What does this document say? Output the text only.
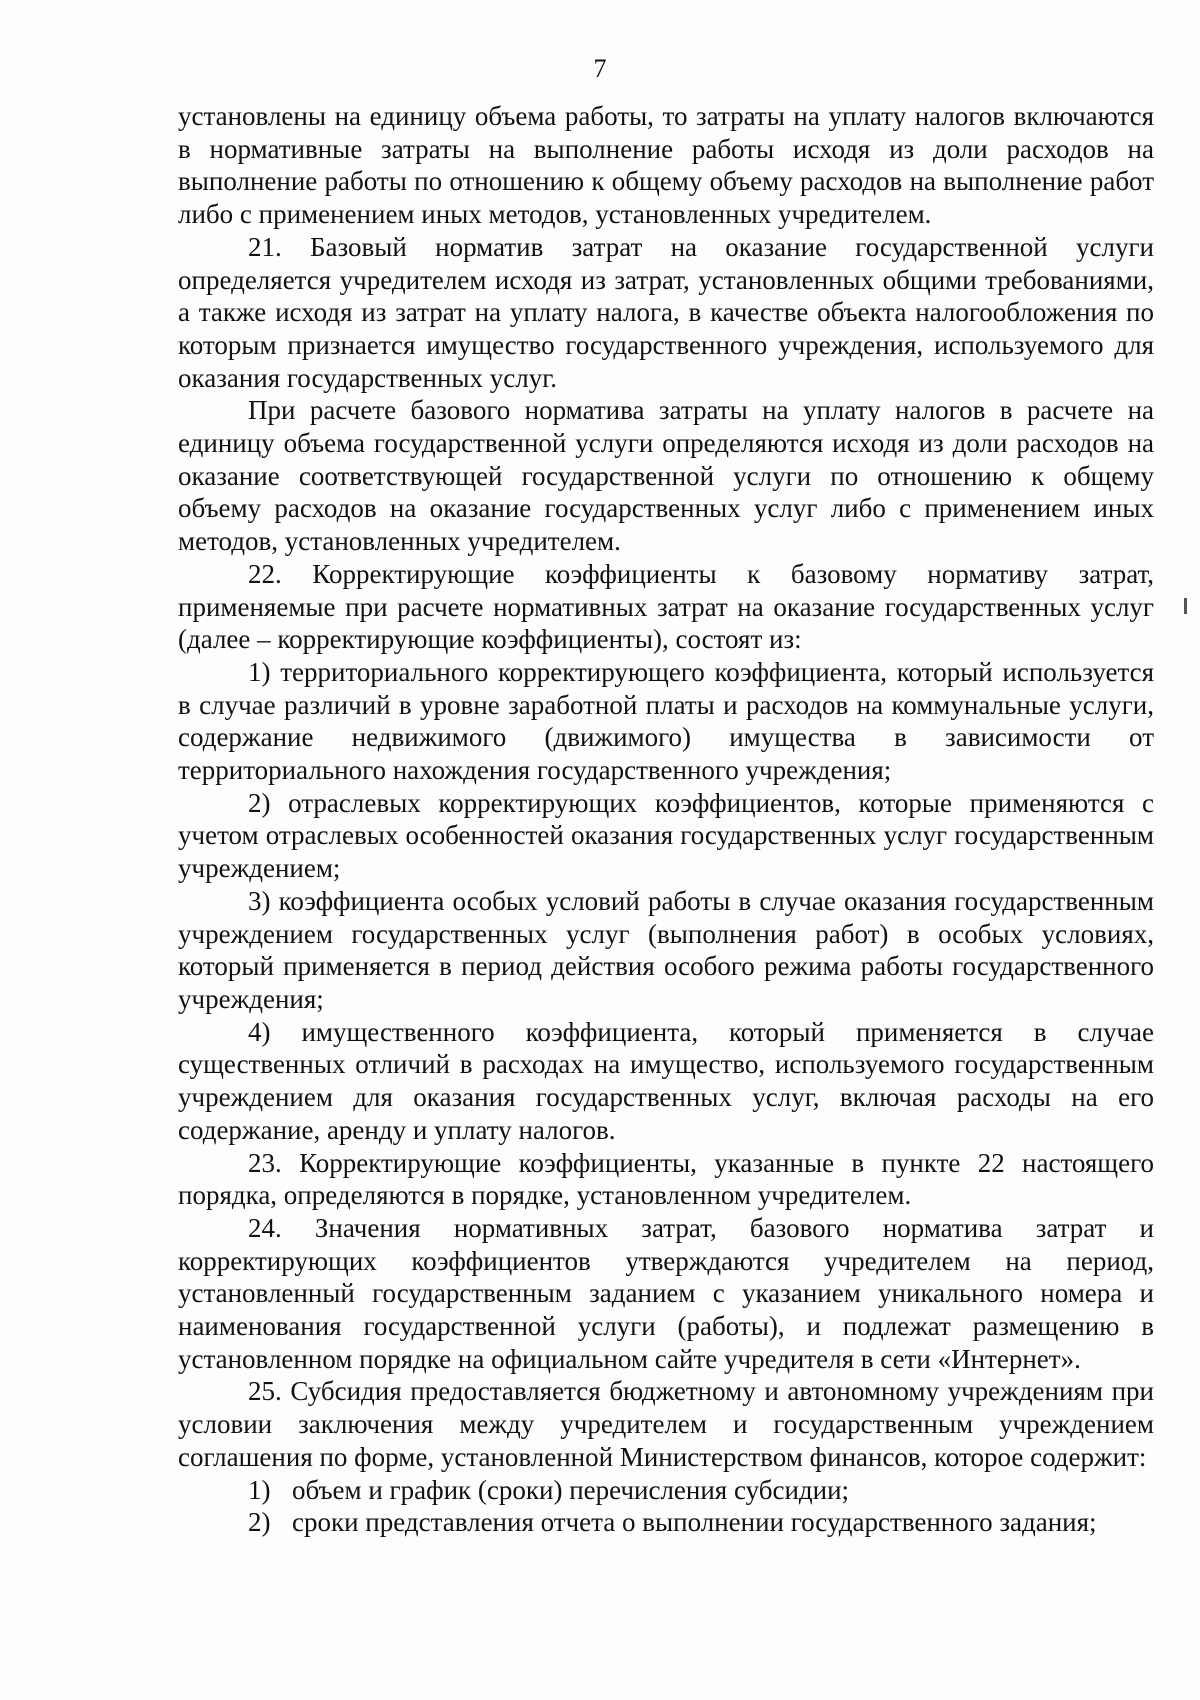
7

установлены на единицу объема работы, то затраты на уплату налогов включаются в нормативные затраты на выполнение работы исходя из доли расходов на выполнение работы по отношению к общему объему расходов на выполнение работ либо с применением иных методов, установленных учредителем.

21. Базовый норматив затрат на оказание государственной услуги определяется учредителем исходя из затрат, установленных общими требованиями, а также исходя из затрат на уплату налога, в качестве объекта налогообложения по которым признается имущество государственного учреждения, используемого для оказания государственных услуг.

При расчете базового норматива затраты на уплату налогов в расчете на единицу объема государственной услуги определяются исходя из доли расходов на оказание соответствующей государственной услуги по отношению к общему объему расходов на оказание государственных услуг либо с применением иных методов, установленных учредителем.

22. Корректирующие коэффициенты к базовому нормативу затрат, применяемые при расчете нормативных затрат на оказание государственных услуг (далее – корректирующие коэффициенты), состоят из:

1) территориального корректирующего коэффициента, который используется в случае различий в уровне заработной платы и расходов на коммунальные услуги, содержание недвижимого (движимого) имущества в зависимости от территориального нахождения государственного учреждения;

2) отраслевых корректирующих коэффициентов, которые применяются с учетом отраслевых особенностей оказания государственных услуг государственным учреждением;

3) коэффициента особых условий работы в случае оказания государственным учреждением государственных услуг (выполнения работ) в особых условиях, который применяется в период действия особого режима работы государственного учреждения;

4) имущественного коэффициента, который применяется в случае существенных отличий в расходах на имущество, используемого государственным учреждением для оказания государственных услуг, включая расходы на его содержание, аренду и уплату налогов.

23. Корректирующие коэффициенты, указанные в пункте 22 настоящего порядка, определяются в порядке, установленном учредителем.

24. Значения нормативных затрат, базового норматива затрат и корректирующих коэффициентов утверждаются учредителем на период, установленный государственным заданием с указанием уникального номера и наименования государственной услуги (работы), и подлежат размещению в установленном порядке на официальном сайте учредителя в сети «Интернет».

25. Субсидия предоставляется бюджетному и автономному учреждениям при условии заключения между учредителем и государственным учреждением соглашения по форме, установленной Министерством финансов, которое содержит:

1) объем и график (сроки) перечисления субсидии;
2) сроки представления отчета о выполнении государственного задания;
